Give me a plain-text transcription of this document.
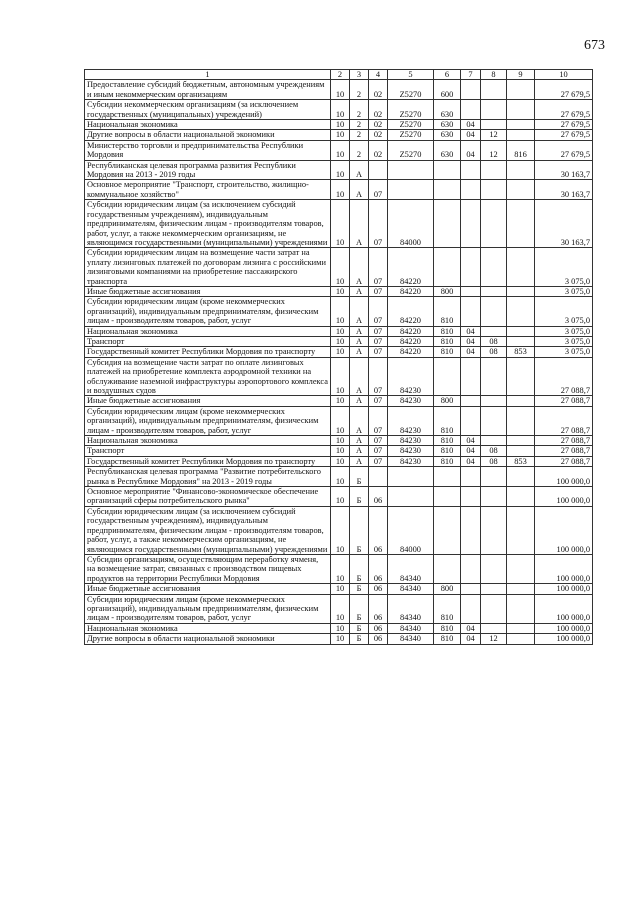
673
1	2	3	4	5	6	7	8	9	10
Предоставление субсидий бюджетным, автономным учреждениям и иным некоммерческим организациям	10	2	02	Z5270	600				27 679,5
Субсидии некоммерческим организациям (за исключением государственных (муниципальных) учреждений)	10	2	02	Z5270	630				27 679,5
Национальная экономика	10	2	02	Z5270	630	04			27 679,5
Другие вопросы в области национальной экономики	10	2	02	Z5270	630	04	12		27 679,5
Министерство торговли и предпринимательства Республики Мордовия	10	2	02	Z5270	630	04	12	816	27 679,5
Республиканская целевая программа развития Республики Мордовия на 2013 - 2019 годы	10	А							30 163,7
Основное мероприятие "Транспорт, строительство, жилищно-коммунальное хозяйство"	10	А	07						30 163,7
Субсидии юридическим лицам (за исключением субсидий государственным учреждениям), индивидуальным предпринимателям, физическим лицам - производителям товаров, работ, услуг, а также некоммерческим организациям, не являющимся государственными (муниципальными) учреждениями	10	А	07	84000					30 163,7
Субсидии юридическим лицам на возмещение части затрат на уплату лизинговых платежей по договорам лизинга с российскими лизинговыми компаниями на приобретение пассажирского транспорта	10	А	07	84220					3 075,0
Иные бюджетные ассигнования	10	А	07	84220	800				3 075,0
Субсидии юридическим лицам (кроме некоммерческих организаций), индивидуальным предпринимателям, физическим лицам - производителям товаров, работ, услуг	10	А	07	84220	810				3 075,0
Национальная экономика	10	А	07	84220	810	04			3 075,0
Транспорт	10	А	07	84220	810	04	08		3 075,0
Государственный комитет Республики Мордовия по транспорту	10	А	07	84220	810	04	08	853	3 075,0
Субсидия на возмещение части затрат по оплате лизинговых платежей на приобретение комплекта аэродромной техники на обслуживание наземной инфраструктуры аэропортового комплекса и воздушных судов	10	А	07	84230					27 088,7
Иные бюджетные ассигнования	10	А	07	84230	800				27 088,7
Субсидии юридическим лицам (кроме некоммерческих организаций), индивидуальным предпринимателям, физическим лицам - производителям товаров, работ, услуг	10	А	07	84230	810				27 088,7
Национальная экономика	10	А	07	84230	810	04			27 088,7
Транспорт	10	А	07	84230	810	04	08		27 088,7
Государственный комитет Республики Мордовия по транспорту	10	А	07	84230	810	04	08	853	27 088,7
Республиканская целевая программа "Развитие потребительского рынка в Республике Мордовия" на 2013 - 2019 годы	10	Б							100 000,0
Основное мероприятие "Финансово-экономическое обеспечение организаций сферы потребительского рынка"	10	Б	06						100 000,0
Субсидии юридическим лицам (за исключением субсидий государственным учреждениям), индивидуальным предпринимателям, физическим лицам - производителям товаров, работ, услуг, а также некоммерческим организациям, не являющимся государственными (муниципальными) учреждениями	10	Б	06	84000					100 000,0
Субсидии организациям, осуществляющим переработку ячменя, на возмещение затрат, связанных с производством пищевых продуктов на территории Республики Мордовия	10	Б	06	84340					100 000,0
Иные бюджетные ассигнования	10	Б	06	84340	800				100 000,0
Субсидии юридическим лицам (кроме некоммерческих организаций), индивидуальным предпринимателям, физическим лицам - производителям товаров, работ, услуг	10	Б	06	84340	810				100 000,0
Национальная экономика	10	Б	06	84340	810	04			100 000,0
Другие вопросы в области национальной экономики	10	Б	06	84340	810	04	12		100 000,0
